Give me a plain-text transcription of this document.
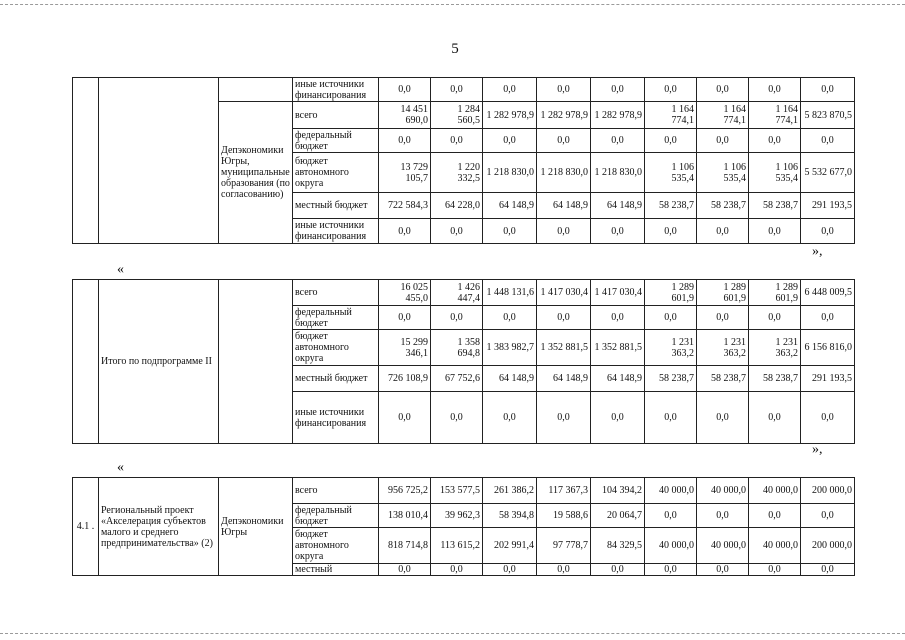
5
			иные источники финансирования	0,0	0,0	0,0	0,0	0,0	0,0	0,0	0,0	0,0
		Депэкономики Югры, муниципальные образования (по согласованию)	всего	14 451 690,0	1 284 560,5	1 282 978,9	1 282 978,9	1 282 978,9	1 164 774,1	1 164 774,1	1 164 774,1	5 823 870,5
			федеральный бюджет	0,0	0,0	0,0	0,0	0,0	0,0	0,0	0,0	0,0
			бюджет автономного округа	13 729 105,7	1 220 332,5	1 218 830,0	1 218 830,0	1 218 830,0	1 106 535,4	1 106 535,4	1 106 535,4	5 532 677,0
			местный бюджет	722 584,3	64 228,0	64 148,9	64 148,9	64 148,9	58 238,7	58 238,7	58 238,7	291 193,5
			иные источники финансирования	0,0	0,0	0,0	0,0	0,0	0,0	0,0	0,0	0,0
»,
«
	Итого по подпрограмме II		всего	16 025 455,0	1 426 447,4	1 448 131,6	1 417 030,4	1 417 030,4	1 289 601,9	1 289 601,9	1 289 601,9	6 448 009,5
			федеральный бюджет	0,0	0,0	0,0	0,0	0,0	0,0	0,0	0,0	0,0
			бюджет автономного округа	15 299 346,1	1 358 694,8	1 383 982,7	1 352 881,5	1 352 881,5	1 231 363,2	1 231 363,2	1 231 363,2	6 156 816,0
			местный бюджет	726 108,9	67 752,6	64 148,9	64 148,9	64 148,9	58 238,7	58 238,7	58 238,7	291 193,5
			иные источники финансирования	0,0	0,0	0,0	0,0	0,0	0,0	0,0	0,0	0,0
»,
«
4.1 .	Региональный проект «Акселерация субъектов малого и среднего предпринимательства» (2)	Депэкономики Югры	всего	956 725,2	153 577,5	261 386,2	117 367,3	104 394,2	40 000,0	40 000,0	40 000,0	200 000,0
			федеральный бюджет	138 010,4	39 962,3	58 394,8	19 588,6	20 064,7	0,0	0,0	0,0	0,0
			бюджет автономного округа	818 714,8	113 615,2	202 991,4	97 778,7	84 329,5	40 000,0	40 000,0	40 000,0	200 000,0
			местный	0,0	0,0	0,0	0,0	0,0	0,0	0,0	0,0	0,0
